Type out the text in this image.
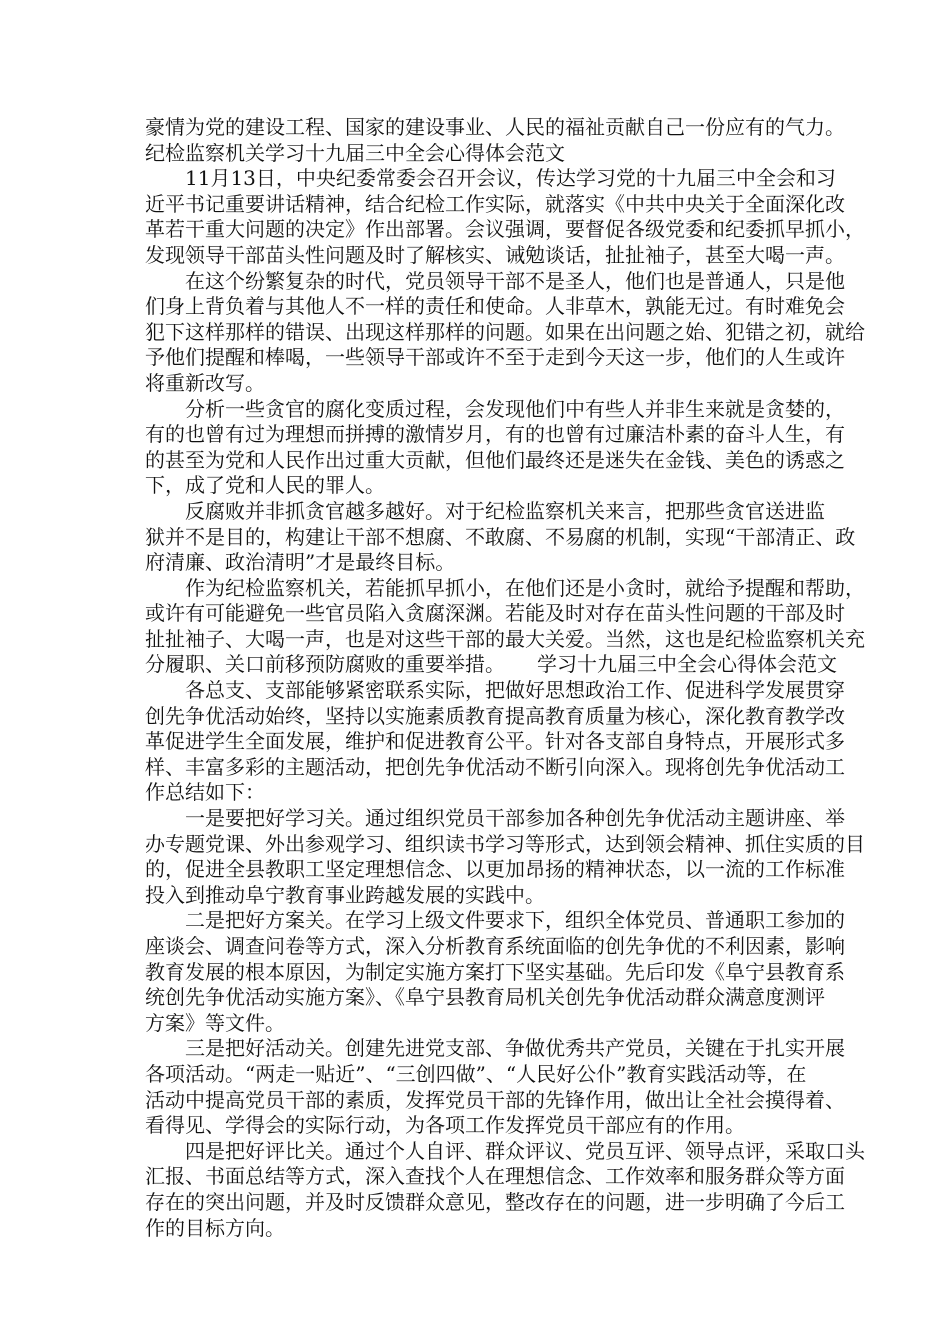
豪情为党的建设工程、国家的建设事业、人民的福祉贡献自己一份应有的气力。

纪检监察机关学习十九届三中全会心得体会范文

11月13日，中央纪委常委会召开会议，传达学习党的十九届三中全会和习

近平书记重要讲话精神，结合纪检工作实际，就落实《中共中央关于全面深化改

革若干重大问题的决定》作出部署。会议强调，要督促各级党委和纪委抓早抓小，

发现领导干部苗头性问题及时了解核实、诫勉谈话，扯扯袖子，甚至大喝一声。

在这个纷繁复杂的时代，党员领导干部不是圣人，他们也是普通人，只是他

们身上背负着与其他人不一样的责任和使命。人非草木，孰能无过。有时难免会

犯下这样那样的错误、出现这样那样的问题。如果在出问题之始、犯错之初，就给

予他们提醒和棒喝，一些领导干部或许不至于走到今天这一步，他们的人生或许

将重新改写。

分析一些贪官的腐化变质过程，会发现他们中有些人并非生来就是贪婪的，

有的也曾有过为理想而拼搏的激情岁月，有的也曾有过廉洁朴素的奋斗人生，有

的甚至为党和人民作出过重大贡献，但他们最终还是迷失在金钱、美色的诱惑之

下，成了党和人民的罪人。

反腐败并非抓贪官越多越好。对于纪检监察机关来言，把那些贪官送进监

狱并不是目的，构建让干部不想腐、不敢腐、不易腐的机制，实现“干部清正、政

府清廉、政治清明”才是最终目标。

作为纪检监察机关，若能抓早抓小，在他们还是小贪时，就给予提醒和帮助，

或许有可能避免一些官员陷入贪腐深渊。若能及时对存在苗头性问题的干部及时

扯扯袖子、大喝一声，也是对这些干部的最大关爱。当然，这也是纪检监察机关充

分履职、关口前移预防腐败的重要举措。 学习十九届三中全会心得体会范文

各总支、支部能够紧密联系实际，把做好思想政治工作、促进科学发展贯穿

创先争优活动始终，坚持以实施素质教育提高教育质量为核心，深化教育教学改

革促进学生全面发展，维护和促进教育公平。针对各支部自身特点，开展形式多

样、丰富多彩的主题活动，把创先争优活动不断引向深入。现将创先争优活动工

作总结如下：

一是要把好学习关。通过组织党员干部参加各种创先争优活动主题讲座、举

办专题党课、外出参观学习、组织读书学习等形式，达到领会精神、抓住实质的目

的，促进全县教职工坚定理想信念、以更加昂扬的精神状态，以一流的工作标准

投入到推动阜宁教育事业跨越发展的实践中。

二是把好方案关。在学习上级文件要求下，组织全体党员、普通职工参加的

座谈会、调查问卷等方式，深入分析教育系统面临的创先争优的不利因素，影响

教育发展的根本原因，为制定实施方案打下坚实基础。先后印发《阜宁县教育系

统创先争优活动实施方案》、《阜宁县教育局机关创先争优活动群众满意度测评

方案》等文件。

三是把好活动关。创建先进党支部、争做优秀共产党员，关键在于扎实开展

各项活动。“两走一贴近”、“三创四做”、“人民好公仆”教育实践活动等，在

活动中提高党员干部的素质，发挥党员干部的先锋作用，做出让全社会摸得着、

看得见、学得会的实际行动，为各项工作发挥党员干部应有的作用。

四是把好评比关。通过个人自评、群众评议、党员互评、领导点评，采取口头

汇报、书面总结等方式，深入查找个人在理想信念、工作效率和服务群众等方面

存在的突出问题，并及时反馈群众意见，整改存在的问题，进一步明确了今后工

作的目标方向。
